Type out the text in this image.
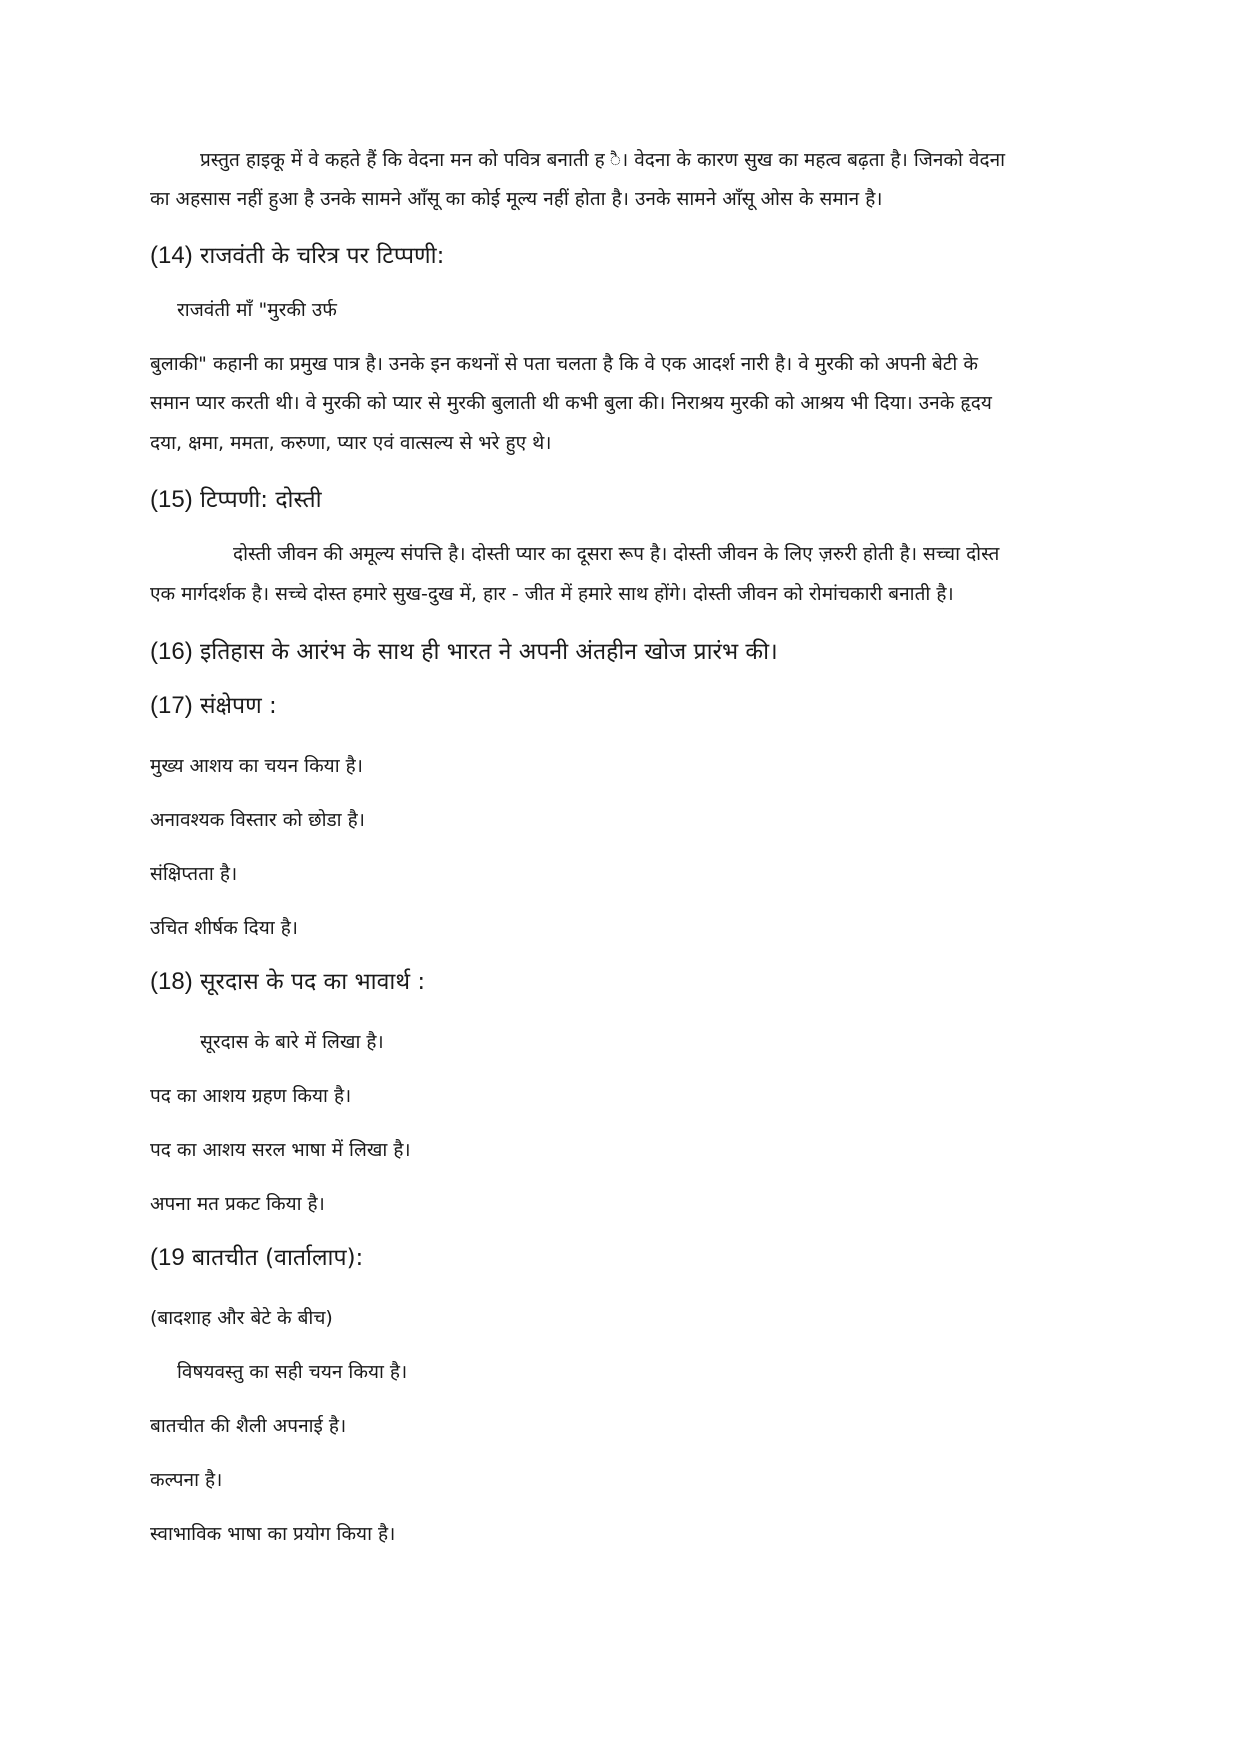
प्रस्तुत हाइकू में वे कहते हैं कि वेदना मन को पवित्र बनाती ह ै। वेदना के कारण सुख का महत्व बढ़ता है। जिनको वेदना
का अहसास नहीं हुआ है उनके सामने आँसू का कोई मूल्य नहीं होता है। उनके सामने आँसू ओस के समान है।
(14) राजवंती के चरित्र पर टिप्पणी:
राजवंती माँ "मुरकी उर्फ
बुलाकी" कहानी का प्रमुख पात्र है। उनके इन कथनों से पता चलता है कि वे एक आदर्श नारी है। वे मुरकी को अपनी बेटी के
समान प्यार करती थी। वे मुरकी को प्यार से मुरकी बुलाती थी कभी बुला की। निराश्रय मुरकी को आश्रय भी दिया। उनके हृदय
दया, क्षमा, ममता, करुणा, प्यार एवं वात्सल्य से भरे हुए थे।
(15) टिप्पणी: दोस्ती
दोस्ती जीवन की अमूल्य संपत्ति है। दोस्ती प्यार का दूसरा रूप है। दोस्ती जीवन के लिए ज़रुरी होती है। सच्चा दोस्त
एक मार्गदर्शक है। सच्चे दोस्त हमारे सुख-दुख में, हार - जीत में हमारे साथ होंगे। दोस्ती जीवन को रोमांचकारी बनाती है।
(16) इतिहास के आरंभ के साथ ही भारत ने अपनी अंतहीन खोज प्रारंभ की।
(17) संक्षेपण :
मुख्य आशय का चयन किया है।
अनावश्यक विस्तार को छोडा है।
संक्षिप्तता है।
उचित शीर्षक दिया है।
(18) सूरदास के पद का भावार्थ :
सूरदास के बारे में लिखा है।
पद का आशय ग्रहण किया है।
पद का आशय सरल भाषा में लिखा है।
अपना मत प्रकट किया है।
(19 बातचीत (वार्तालाप):
(बादशाह और बेटे के बीच)
विषयवस्तु का सही चयन किया है।
बातचीत की शैली अपनाई है।
कल्पना है।
स्वाभाविक भाषा का प्रयोग किया है।
